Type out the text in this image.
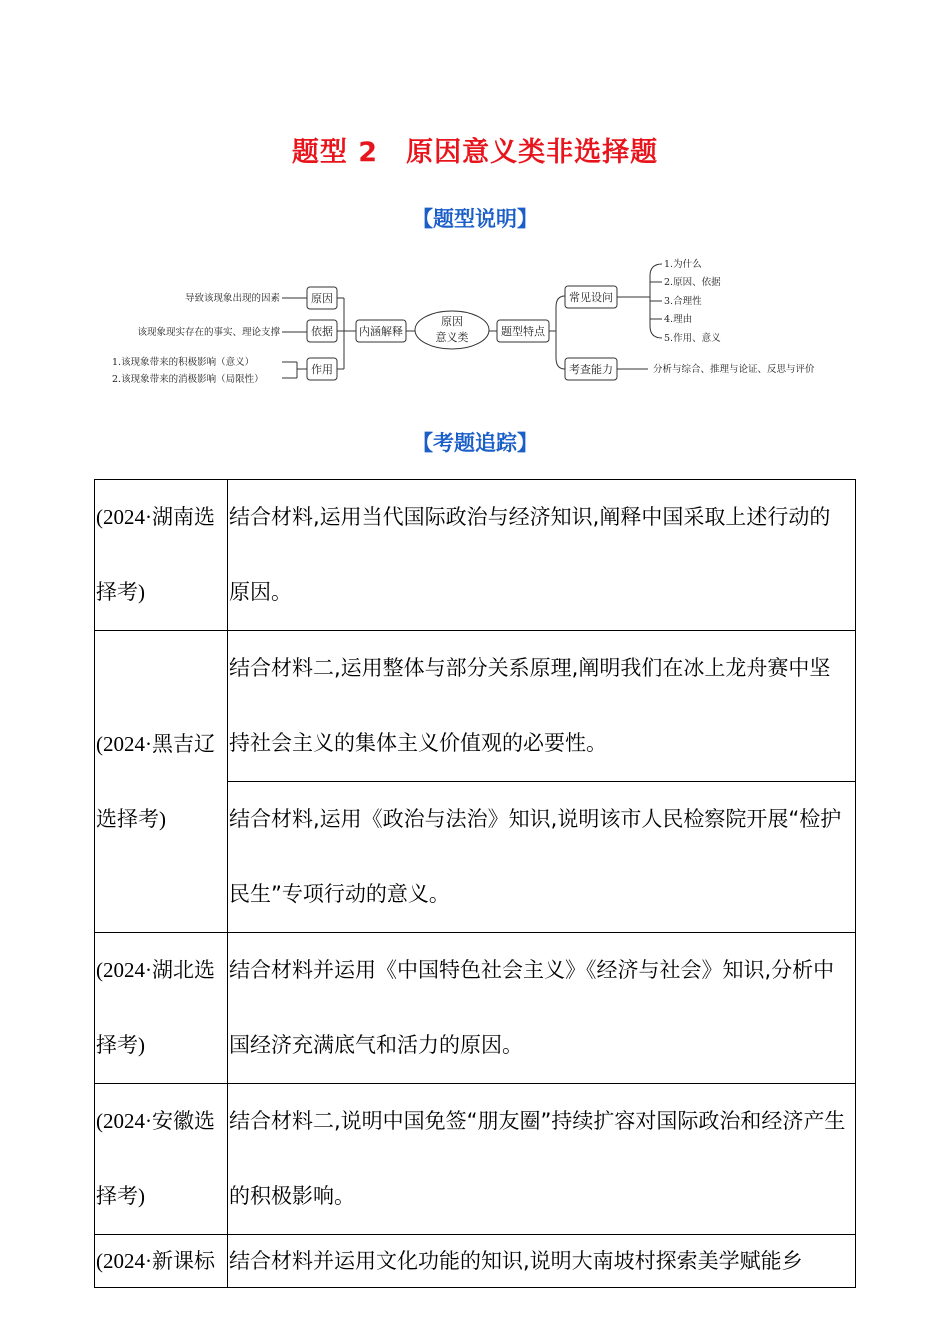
题型 2　原因意义类非选择题
【题型说明】
导致该现象出现的因素
该现象现实存在的事实、理论支撑
1.该现象带来的积极影响（意义）
2.该现象带来的消极影响（局限性）
原因
依据
作用
内涵解释
原因
意义类	题型特点
常见设问
考查能力
1.为什么
2.原因、依据
3.合理性
4.理由
5.作用、意义
分析与综合、推理与论证、反思与评价
【考题追踪】
(2024·湖南选择考)	结合材料,运用当代国际政治与经济知识,阐释中国采取上述行动的原因。
(2024·黑吉辽选择考)	结合材料二,运用整体与部分关系原理,阐明我们在冰上龙舟赛中坚持社会主义的集体主义价值观的必要性。
	结合材料,运用《政治与法治》知识,说明该市人民检察院开展“检护民生”专项行动的意义。
(2024·湖北选择考)	结合材料并运用《中国特色社会主义》《经济与社会》知识,分析中国经济充满底气和活力的原因。
(2024·安徽选择考)	结合材料二,说明中国免签“朋友圈”持续扩容对国际政治和经济产生的积极影响。
(2024·新课标	结合材料并运用文化功能的知识,说明大南坡村探索美学赋能乡
